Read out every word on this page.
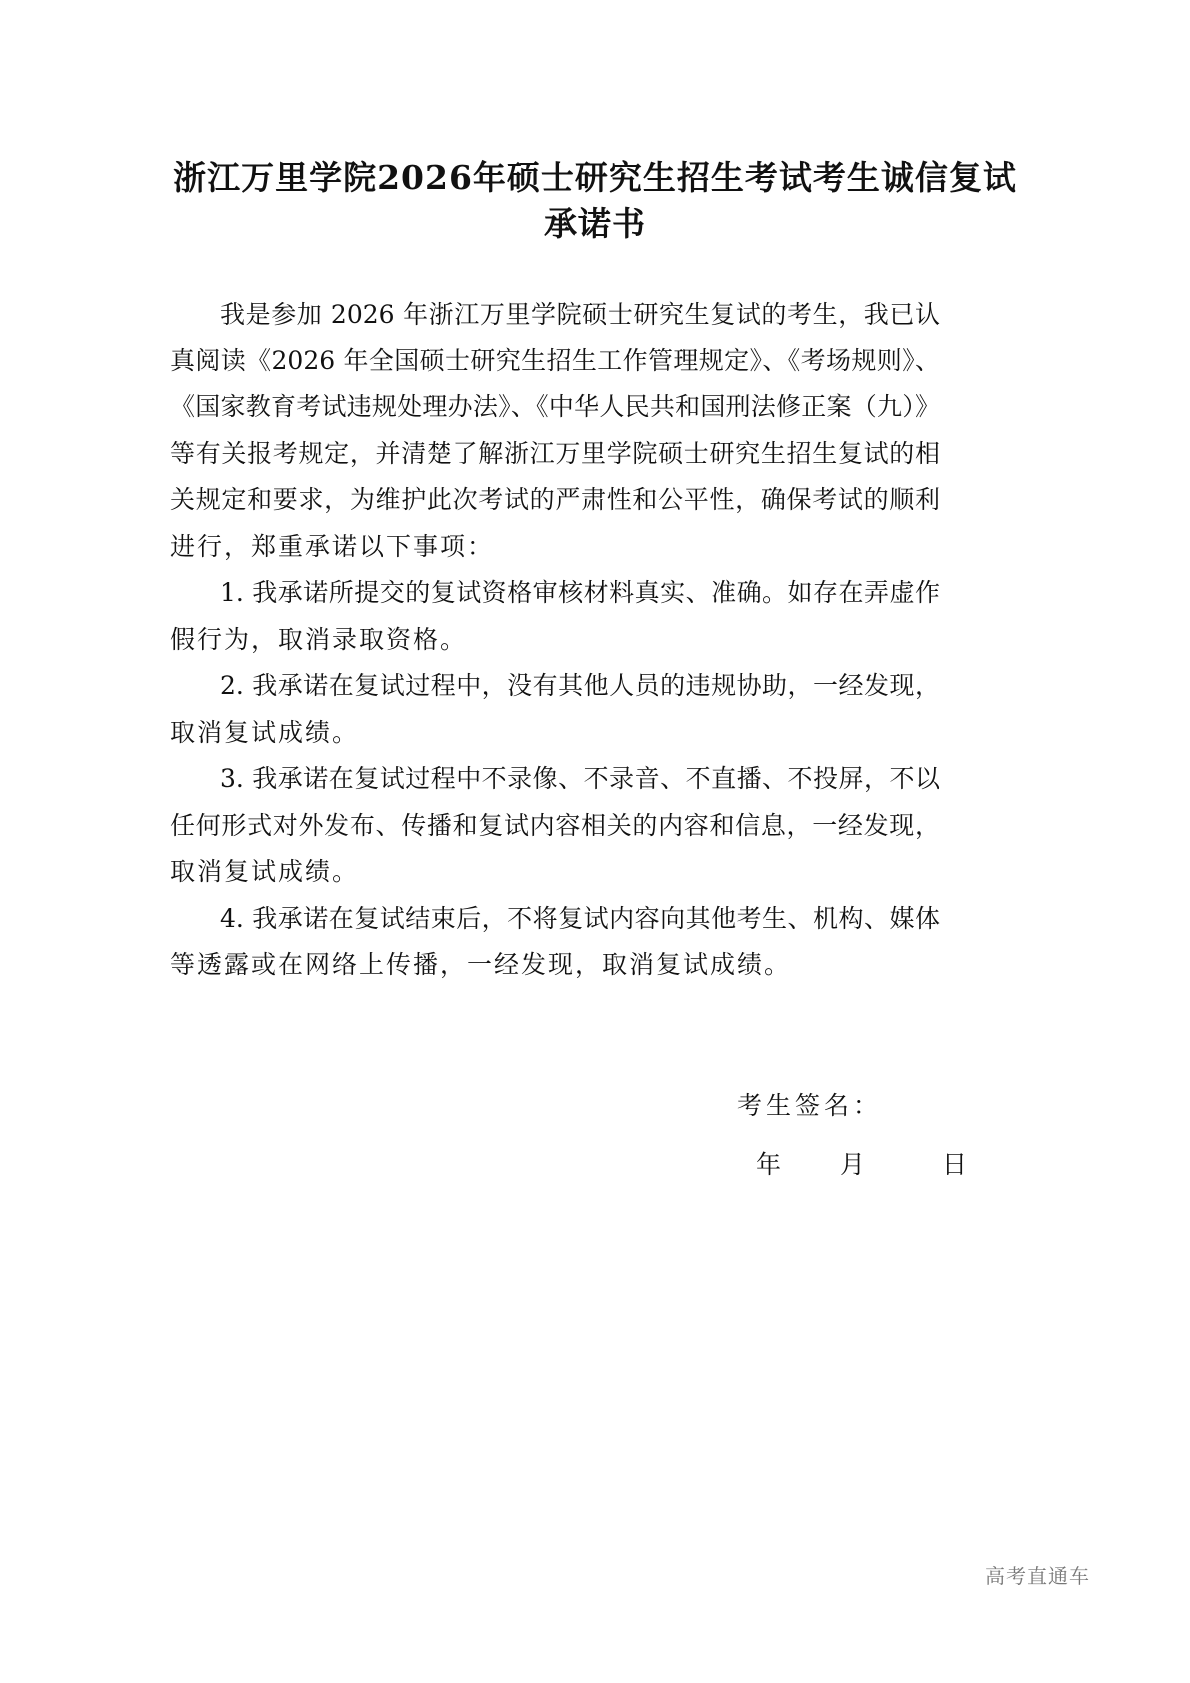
浙江万里学院2026年硕士研究生招生考试考生诚信复试
承诺书
我是参加 2026 年浙江万里学院硕士研究生复试的考生，我已认
真阅读《2026 年全国硕士研究生招生工作管理规定》、《考场规则》、
《国家教育考试违规处理办法》、《中华人民共和国刑法修正案（九）》
等有关报考规定，并清楚了解浙江万里学院硕士研究生招生复试的相
关规定和要求，为维护此次考试的严肃性和公平性，确保考试的顺利
进行，郑重承诺以下事项：
1. 我承诺所提交的复试资格审核材料真实、准确。如存在弄虚作
假行为，取消录取资格。
2. 我承诺在复试过程中，没有其他人员的违规协助，一经发现，
取消复试成绩。
3. 我承诺在复试过程中不录像、不录音、不直播、不投屏，不以
任何形式对外发布、传播和复试内容相关的内容和信息，一经发现，
取消复试成绩。
4. 我承诺在复试结束后，不将复试内容向其他考生、机构、媒体
等透露或在网络上传播，一经发现，取消复试成绩。
考生签名：
年 月	日
高考直通车
